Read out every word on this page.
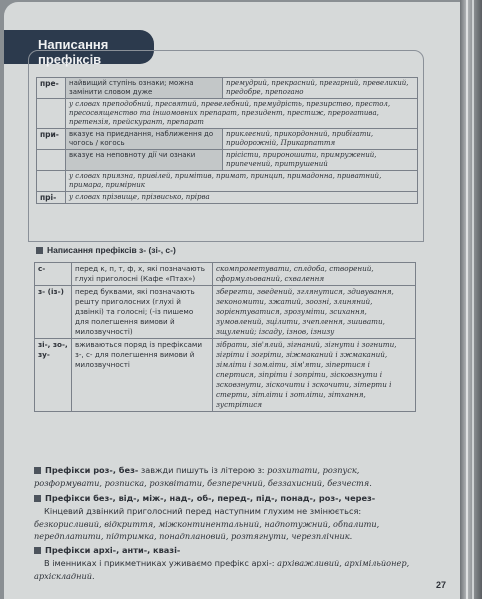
Написання префіксів
пре-	найвищий ступінь ознаки; можна замінити словом дуже	премудрий, прекрасний, прегарний, превеликий, предобре, препогано
	у словах преподобний, пресвятий, превелебний, премудрість, презирство, престол, пресосвященство та іншомовних препарат, президент, престиж, прерогатива, претензія, прейскурант, препарат	
при-	вказує на приєднання, наближення до чогось / когось	приклеєний, прикордонний, прибігати, придорожній, Прикарпаття
	вказує на неповноту дії чи ознаки	прісісти, прироношити, примружений, припечений, притрушений
	у словах приязна, привілей, примітив, примат, принцип, примадонна, приватний, примара, примірник	
прі-	у словах прізвище, прізвисько, прірва	
Написання префіксів з- (зі-, с-)
с-	перед к, п, т, ф, х, які позначають глухі приголосні (Кафе «Птах»)	скомпрометувати, сплдоба, створений, сформульований, схвалення
з- (із-)	перед буквами, які позначають решту приголосних (глухі й дзвінкі) та голосні; (-із пишемо для полегшення вимови й милозвучності)	зберегти, зведений, зглянутися, здивування, зекономити, зжатий, зоозні, злиняний, зорієнтуватися, зрозуміти, зсихання, зумовлений, зцілити, зчеплення, зшивати, зщулений; ізсаду, ізнов, ізнизу
зі-, зо-, зу-	вживаються поряд із префіксами з-, с- для полегшення вимови й милозвучності	зібрати, зів'ялий, зігнаний, зігнути і зогнити, зігріти і зогріти, зіжмаканий і зжмаканий, зімліти і зомліти, зім'яти, зіпертися і спертися, зіпріти і зопріти, зісковзнути і зсковзнути, зіскочити і зскочити, зітерти і стерти, зітліти і зотліти, зітхання, зустрітися
Префікси роз-, без- завжди пишуть із літерою з: розхитати, розпуск, розформувати, розписка, розквітати, безперечний, беззахисний, безчестя.
Префікси без-, від-, між-, над-, об-, перед-, під-, понад-, роз-, через-
Кінцевий дзвінкий приголосний перед наступним глухим не змінюється: безкорисливий, відкриття, міжконтинентальний, надпотужний, обпалити, передплатити, підтримка, понадплановий, розтягнути, черезплічник.
Префікси архі-, анти-, квазі-
В іменниках і прикметниках уживаємо префікс архі-: архіважливий, архімільйонер, архісклaдний.
27
